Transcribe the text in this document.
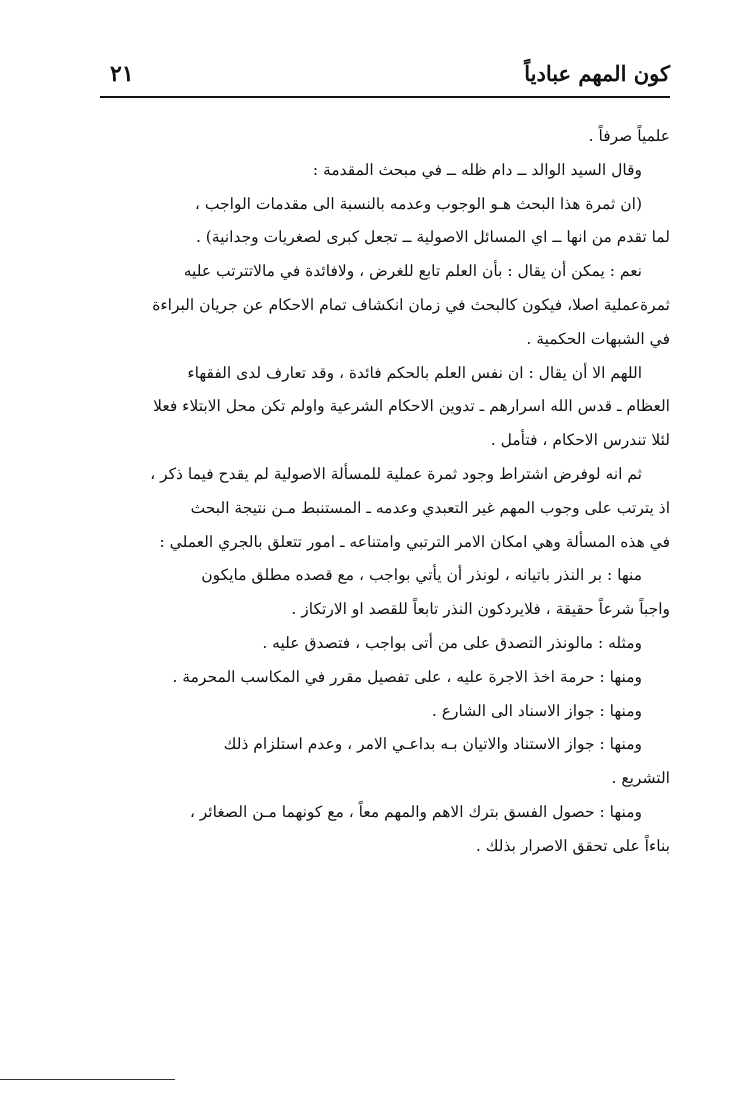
كون المهم عبادياً
٢١
علمياً صرفاً .
وقال السيد الوالد ــ دام ظله ــ في مبحث المقدمة :
(ان ثمرة هذا البحث هـو الوجوب وعدمه بالنسبة الى مقدمات الواجب ،
لما تقدم من انها ــ اي المسائل الاصولية ــ تجعل كبرى لصغريات وجدانية) .
نعم : يمكن أن يقال : بأن العلم تابع للغرض ، ولافائدة في مالاتترتب عليه
ثمرةعملية اصلا، فيكون كالبحث في زمان انكشاف تمام الاحكام عن جريان البراءة
في الشبهات الحكمية .
اللهم الا أن يقال : ان نفس العلم بالحكم فائدة ، وقد تعارف لدى الفقهاء
العظام ـ قدس الله اسرارهم ـ تدوين الاحكام الشرعية واولم تكن محل الابتلاء فعلا
لئلا تندرس الاحكام ، فتأمل .
ثم انه لوفرض اشتراط وجود ثمرة عملية للمسألة الاصولية لم يقدح فيما ذكر ،
اذ يترتب على وجوب المهم غير التعبدي وعدمه ـ المستنبط مـن نتيجة البحث
في هذه المسألة وهي امكان الامر الترتبي وامتناعه ـ امور تتعلق بالجري العملي :
منها : بر النذر باتيانه ، لونذر أن يأتي بواجب ، مع قصده مطلق مايكون
واجباً شرعاً حقيقة ، فلايردكون النذر تابعاً للقصد او الارتكاز .
ومثله : مالونذر التصدق على من أتى بواجب ، فتصدق عليه .
ومنها : حرمة اخذ الاجرة عليه ، على تفصيل مقرر في المكاسب المحرمة .
ومنها : جواز الاسناد الى الشارع .
ومنها : جواز الاستناد والاتيان بـه بداعـي الامر ، وعدم استلزام ذلك
التشريع .
ومنها : حصول الفسق بترك الاهم والمهم معاً ، مع كونهما مـن الصغائر ،
بناءاً على تحقق الاصرار بذلك .
